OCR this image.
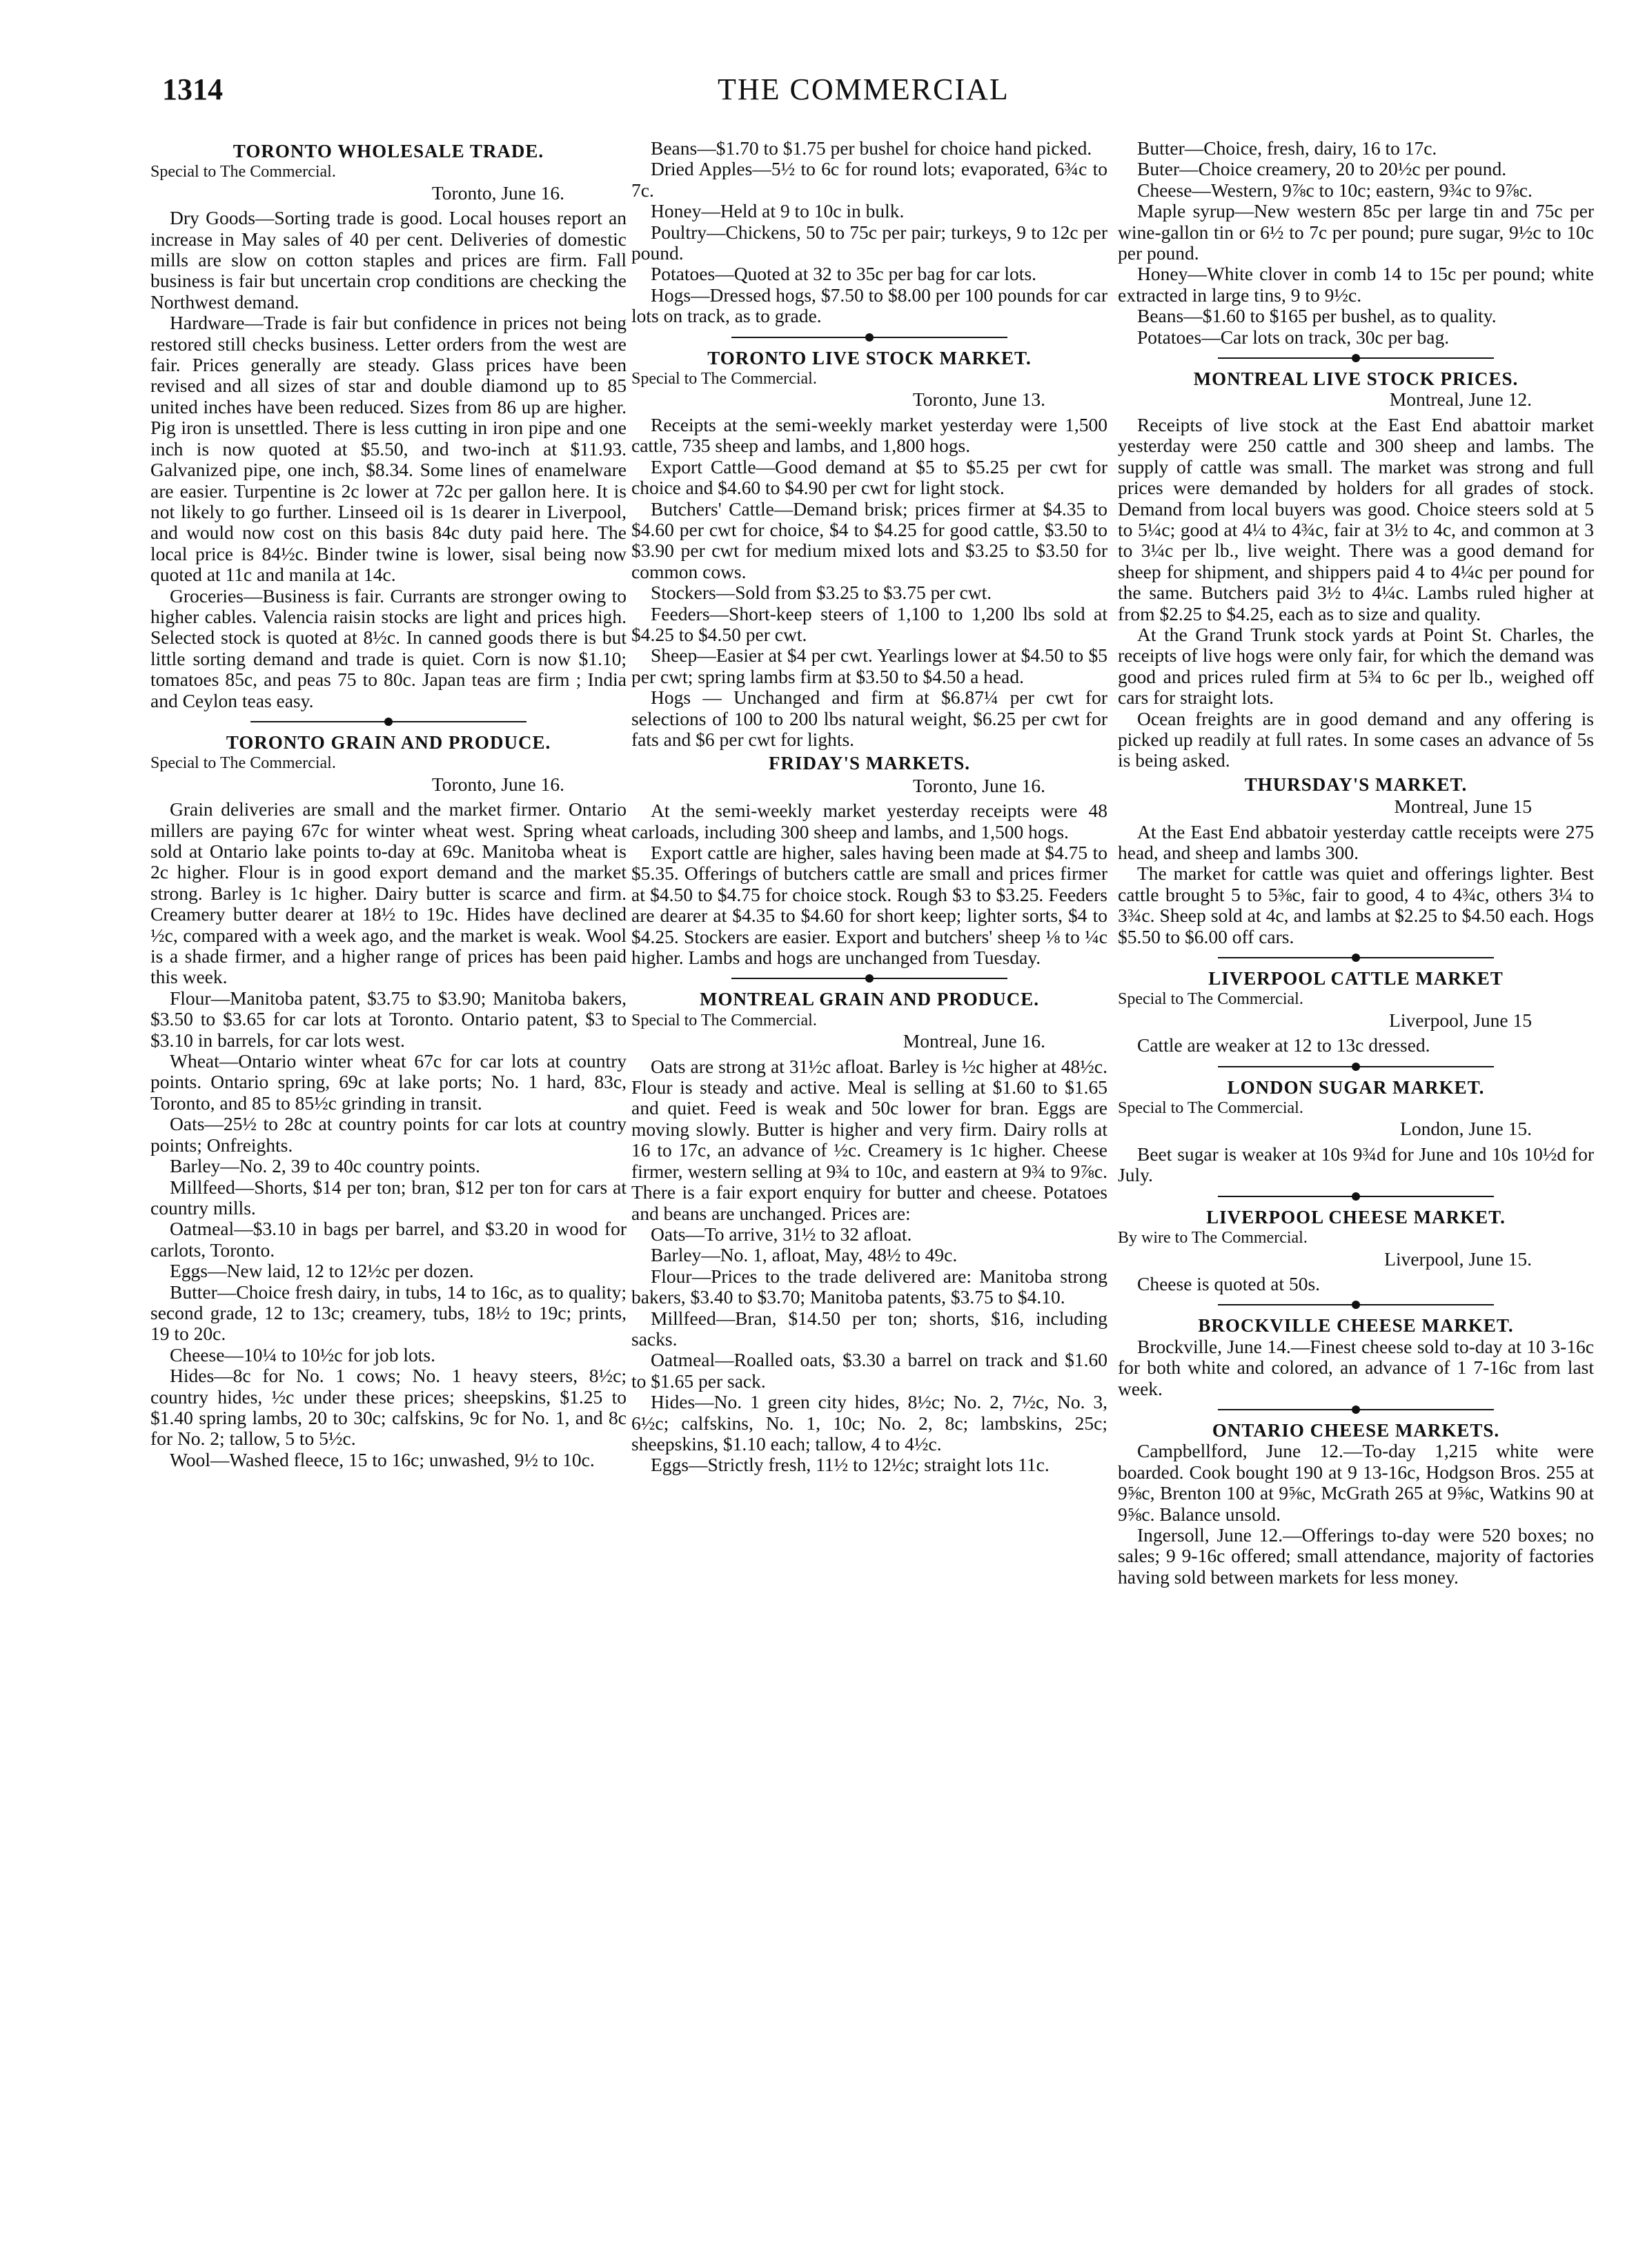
1314	THE COMMERCIAL
TORONTO WHOLESALE TRADE.
Special to The Commercial.
Toronto, June 16.

Dry Goods—Sorting trade is good. Local houses report an increase in May sales of 40 per cent. Deliveries of domestic mills are slow on cotton staples and prices are firm. Fall business is fair but uncertain crop conditions are checking the Northwest demand.

Hardware—Trade is fair but confidence in prices not being restored still checks business. Letter orders from the west are fair. Prices generally are steady. Glass prices have been revised and all sizes of star and double diamond up to 85 united inches have been reduced. Sizes from 86 up are higher. Pig iron is unsettled. There is less cutting in iron pipe and one inch is now quoted at $5.50, and two-inch at $11.93. Galvanized pipe, one inch, $8.34. Some lines of enamelware are easier. Turpentine is 2c lower at 72c per gallon here. It is not likely to go further. Linseed oil is 1s dearer in Liverpool, and would now cost on this basis 84c duty paid here. The local price is 84½c. Binder twine is lower, sisal being now quoted at 11c and manila at 14c.

Groceries—Business is fair. Currants are stronger owing to higher cables. Valencia raisin stocks are light and prices high. Selected stock is quoted at 8½c. In canned goods there is but little sorting demand and trade is quiet. Corn is now $1.10; tomatoes 85c, and peas 75 to 80c. Japan teas are firm ; India and Ceylon teas easy.

TORONTO GRAIN AND PRODUCE.
Special to The Commercial.
Toronto, June 16.

Grain deliveries are small and the market firmer. Ontario millers are paying 67c for winter wheat west. Spring wheat sold at Ontario lake points to-day at 69c. Manitoba wheat is 2c higher. Flour is in good export demand and the market strong. Barley is 1c higher. Dairy butter is scarce and firm. Creamery butter dearer at 18½ to 19c. Hides have declined ½c, compared with a week ago, and the market is weak. Wool is a shade firmer, and a higher range of prices has been paid this week.

Flour—Manitoba patent, $3.75 to $3.90; Manitoba bakers, $3.50 to $3.65 for car lots at Toronto. Ontario patent, $3 to $3.10 in barrels, for car lots west.

Wheat—Ontario winter wheat 67c for car lots at country points. Ontario spring, 69c at lake ports; No. 1 hard, 83c, Toronto, and 85 to 85½c grinding in transit.

Oats—25½ to 28c at country points for car lots at country points; Onfreights.

Barley—No. 2, 39 to 40c country points.

Millfeed—Shorts, $14 per ton; bran, $12 per ton for cars at country mills.

Oatmeal—$3.10 in bags per barrel, and $3.20 in wood for carlots, Toronto.

Eggs—New laid, 12 to 12½c per dozen.

Butter—Choice fresh dairy, in tubs, 14 to 16c, as to quality; second grade, 12 to 13c; creamery, tubs, 18½ to 19c; prints, 19 to 20c.

Cheese—10¼ to 10½c for job lots.

Hides—8c for No. 1 cows; No. 1 heavy steers, 8½c; country hides, ½c under these prices; sheepskins, $1.25 to $1.40 spring lambs, 20 to 30c; calfskins, 9c for No. 1, and 8c for No. 2; tallow, 5 to 5½c.

Wool—Washed fleece, 15 to 16c; unwashed, 9½ to 10c.

Beans—$1.70 to $1.75 per bushel for choice hand picked.

Dried Apples—5½ to 6c for round lots; evaporated, 6¾c to 7c.

Honey—Held at 9 to 10c in bulk.

Poultry—Chickens, 50 to 75c per pair; turkeys, 9 to 12c per pound.

Potatoes—Quoted at 32 to 35c per bag for car lots.

Hogs—Dressed hogs, $7.50 to $8.00 per 100 pounds for car lots on track, as to grade.

TORONTO LIVE STOCK MARKET.
Special to The Commercial.
Toronto, June 13.

Receipts at the semi-weekly market yesterday were 1,500 cattle, 735 sheep and lambs, and 1,800 hogs.

Export Cattle—Good demand at $5 to $5.25 per cwt for choice and $4.60 to $4.90 per cwt for light stock.

Butchers' Cattle—Demand brisk; prices firmer at $4.35 to $4.60 per cwt for choice, $4 to $4.25 for good cattle, $3.50 to $3.90 per cwt for medium mixed lots and $3.25 to $3.50 for common cows.

Stockers—Sold from $3.25 to $3.75 per cwt.

Feeders—Short-keep steers of 1,100 to 1,200 lbs sold at $4.25 to $4.50 per cwt.

Sheep—Easier at $4 per cwt. Yearlings lower at $4.50 to $5 per cwt; spring lambs firm at $3.50 to $4.50 a head.

Hogs — Unchanged and firm at $6.87¼ per cwt for selections of 100 to 200 lbs natural weight, $6.25 per cwt for fats and $6 per cwt for lights.

FRIDAY'S MARKETS.
Toronto, June 16.

At the semi-weekly market yesterday receipts were 48 carloads, including 300 sheep and lambs, and 1,500 hogs.

Export cattle are higher, sales having been made at $4.75 to $5.35. Offerings of butchers cattle are small and prices firmer at $4.50 to $4.75 for choice stock. Rough $3 to $3.25. Feeders are dearer at $4.35 to $4.60 for short keep; lighter sorts, $4 to $4.25. Stockers are easier. Export and butchers' sheep ⅛ to ¼c higher. Lambs and hogs are unchanged from Tuesday.

MONTREAL GRAIN AND PRODUCE.
Special to The Commercial.
Montreal, June 16.

Oats are strong at 31½c afloat. Barley is ½c higher at 48½c. Flour is steady and active. Meal is selling at $1.60 to $1.65 and quiet. Feed is weak and 50c lower for bran. Eggs are moving slowly. Butter is higher and very firm. Dairy rolls at 16 to 17c, an advance of ½c. Creamery is 1c higher. Cheese firmer, western selling at 9¾ to 10c, and eastern at 9¾ to 9⅞c. There is a fair export enquiry for butter and cheese. Potatoes and beans are unchanged. Prices are:

Oats—To arrive, 31½ to 32 afloat.

Barley—No. 1, afloat, May, 48½ to 49c.

Flour—Prices to the trade delivered are: Manitoba strong bakers, $3.40 to $3.70; Manitoba patents, $3.75 to $4.10.

Millfeed—Bran, $14.50 per ton; shorts, $16, including sacks.

Oatmeal—Roalled oats, $3.30 a barrel on track and $1.60 to $1.65 per sack.

Hides—No. 1 green city hides, 8½c; No. 2, 7½c, No. 3, 6½c; calfskins, No. 1, 10c; No. 2, 8c; lambskins, 25c; sheepskins, $1.10 each; tallow, 4 to 4½c.

Eggs—Strictly fresh, 11½ to 12½c; straight lots 11c.

Butter—Choice, fresh, dairy, 16 to 17c.

Buter—Choice creamery, 20 to 20½c per pound.

Cheese—Western, 9⅞c to 10c; eastern, 9¾c to 9⅞c.

Maple syrup—New western 85c per large tin and 75c per wine-gallon tin or 6½ to 7c per pound; pure sugar, 9½c to 10c per pound.

Honey—White clover in comb 14 to 15c per pound; white extracted in large tins, 9 to 9½c.

Beans—$1.60 to $165 per bushel, as to quality.

Potatoes—Car lots on track, 30c per bag.

MONTREAL LIVE STOCK PRICES.
Montreal, June 12.

Receipts of live stock at the East End abattoir market yesterday were 250 cattle and 300 sheep and lambs. The supply of cattle was small. The market was strong and full prices were demanded by holders for all grades of stock. Demand from local buyers was good. Choice steers sold at 5 to 5¼c; good at 4¼ to 4¾c, fair at 3½ to 4c, and common at 3 to 3¼c per lb., live weight. There was a good demand for sheep for shipment, and shippers paid 4 to 4¼c per pound for the same. Butchers paid 3½ to 4¼c. Lambs ruled higher at from $2.25 to $4.25, each as to size and quality.

At the Grand Trunk stock yards at Point St. Charles, the receipts of live hogs were only fair, for which the demand was good and prices ruled firm at 5¾ to 6c per lb., weighed off cars for straight lots.

Ocean freights are in good demand and any offering is picked up readily at full rates. In some cases an advance of 5s is being asked.

THURSDAY'S MARKET.
Montreal, June 15

At the East End abbatoir yesterday cattle receipts were 275 head, and sheep and lambs 300.

The market for cattle was quiet and offerings lighter. Best cattle brought 5 to 5⅜c, fair to good, 4 to 4¾c, others 3¼ to 3¾c. Sheep sold at 4c, and lambs at $2.25 to $4.50 each. Hogs $5.50 to $6.00 off cars.

LIVERPOOL CATTLE MARKET
Special to The Commercial.
Liverpool, June 15

Cattle are weaker at 12 to 13c dressed.

LONDON SUGAR MARKET.
Special to The Commercial.
London, June 15.

Beet sugar is weaker at 10s 9¾d for June and 10s 10½d for July.

LIVERPOOL CHEESE MARKET.
By wire to The Commercial.
Liverpool, June 15.

Cheese is quoted at 50s.

BROCKVILLE CHEESE MARKET.

Brockville, June 14.—Finest cheese sold to-day at 10 3-16c for both white and colored, an advance of 1 7-16c from last week.

ONTARIO CHEESE MARKETS.

Campbellford, June 12.—To-day 1,215 white were boarded. Cook bought 190 at 9 13-16c, Hodgson Bros. 255 at 9⅝c, Brenton 100 at 9⅝c, McGrath 265 at 9⅝c, Watkins 90 at 9⅝c. Balance unsold.

Ingersoll, June 12.—Offerings to-day were 520 boxes; no sales; 9 9-16c offered; small attendance, majority of factories having sold between markets for less money.
